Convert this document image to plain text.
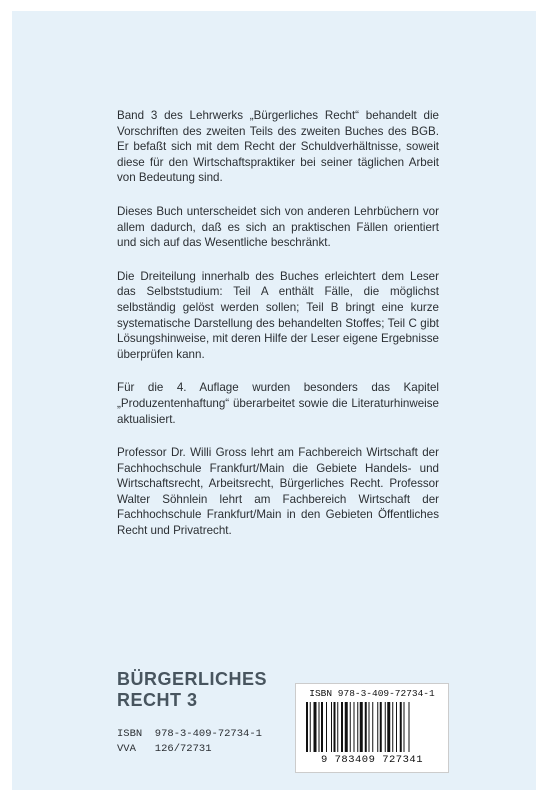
Band 3 des Lehrwerks „Bürgerliches Recht“ behandelt die Vorschriften des zweiten Teils des zweiten Buches des BGB. Er befaßt sich mit dem Recht der Schuldverhältnisse, soweit diese für den Wirtschaftspraktiker bei seiner täglichen Arbeit von Bedeutung sind.

Dieses Buch unterscheidet sich von anderen Lehrbüchern vor allem dadurch, daß es sich an praktischen Fällen orientiert und sich auf das Wesentliche beschränkt.

Die Dreiteilung innerhalb des Buches erleichtert dem Leser das Selbststudium: Teil A enthält Fälle, die möglichst selbständig gelöst werden sollen; Teil B bringt eine kurze systematische Darstellung des behandelten Stoffes; Teil C gibt Lösungshinweise, mit deren Hilfe der Leser eigene Ergebnisse überprüfen kann.

Für die 4. Auflage wurden besonders das Kapitel „Produzentenhaftung“ überarbeitet sowie die Literaturhinweise aktualisiert.

Professor Dr. Willi Gross lehrt am Fachbereich Wirtschaft der Fachhochschule Frankfurt/Main die Gebiete Handels- und Wirtschaftsrecht, Arbeitsrecht, Bürgerliches Recht. Professor Walter Söhnlein lehrt am Fachbereich Wirtschaft der Fachhochschule Frankfurt/Main in den Gebieten Öffentliches Recht und Privatrecht.

BÜRGERLICHES
RECHT 3
ISBN  978-3-409-72734-1
VVA   126/72731
ISBN 978-3-409-72734-1
9 783409 727341
